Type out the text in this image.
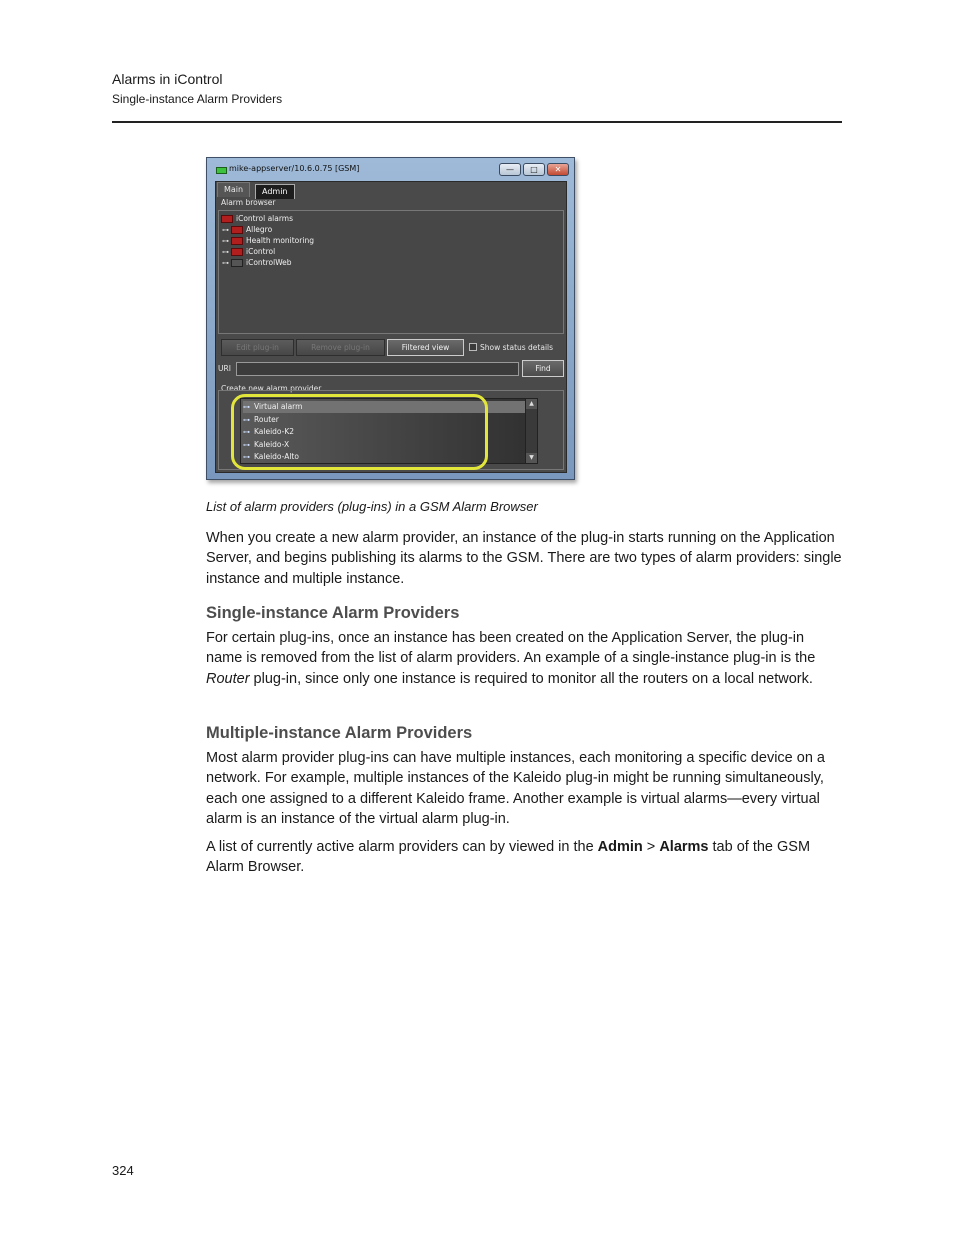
Alarms in iControl
Single-instance Alarm Providers
mike-appserver/10.6.0.75 [GSM]	—	□	✕
Main	Admin
Alarm browser
iControl alarms
⊶ Allegro
⊶ Health monitoring
⊶ iControl
⊶ iControlWeb
Edit plug-in	Remove plug-in	Filtered view	Show status details
URI	Find
Create new alarm provider
⊶ Virtual alarm
⊶ Router
⊶ Kaleido-K2
⊶ Kaleido-X
⊶ Kaleido-Alto
▲
▼
List of alarm providers (plug-ins) in a GSM Alarm Browser

When you create a new alarm provider, an instance of the plug-in starts running on the Application Server, and begins publishing its alarms to the GSM. There are two types of alarm providers: single instance and multiple instance.

Single-instance Alarm Providers

For certain plug-ins, once an instance has been created on the Application Server, the plug-in name is removed from the list of alarm providers. An example of a single-instance plug-in is the Router plug-in, since only one instance is required to monitor all the routers on a local network.

Multiple-instance Alarm Providers

Most alarm provider plug-ins can have multiple instances, each monitoring a specific device on a network. For example, multiple instances of the Kaleido plug-in might be running simultaneously, each one assigned to a different Kaleido frame. Another example is virtual alarms—every virtual alarm is an instance of the virtual alarm plug-in.

A list of currently active alarm providers can by viewed in the Admin > Alarms tab of the GSM Alarm Browser.

324
